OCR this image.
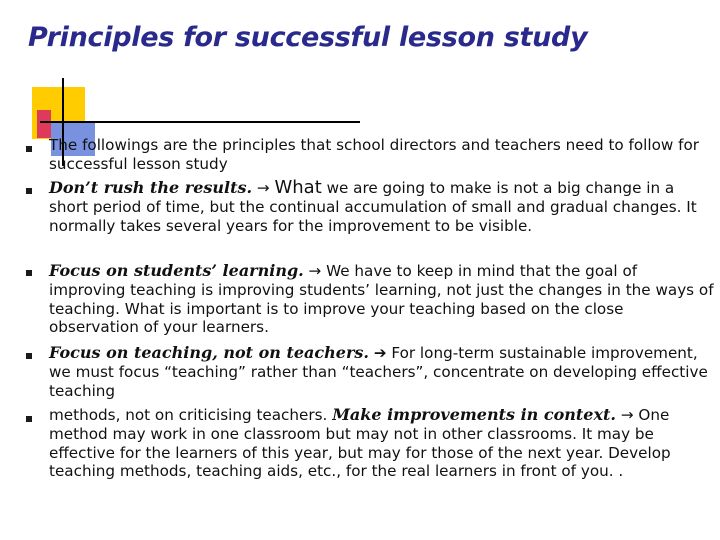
Principles for successful lesson study
The followings are the principles that school directors and teachers need to follow for successful lesson study
Don’t rush the results. → What we are going to make is not a big change in a short period of time, but the continual accumulation of small and gradual changes. It normally takes several years for the improvement to be visible.
Focus on students’ learning. → We have to keep in mind that the goal of improving teaching is improving students’ learning, not just the changes in the ways of teaching. What is important is to improve your teaching based on the close observation of your learners.
Focus on teaching, not on teachers. ➔ For long-term sustainable improvement, we must focus “teaching” rather than “teachers”, concentrate on developing effective teaching
methods, not on criticising teachers. Make improvements in context. → One method may work in one classroom but may not in other classrooms. It may be effective for the learners of this year, but may for those of the next year. Develop teaching methods, teaching aids, etc., for the real learners in front of you. .
